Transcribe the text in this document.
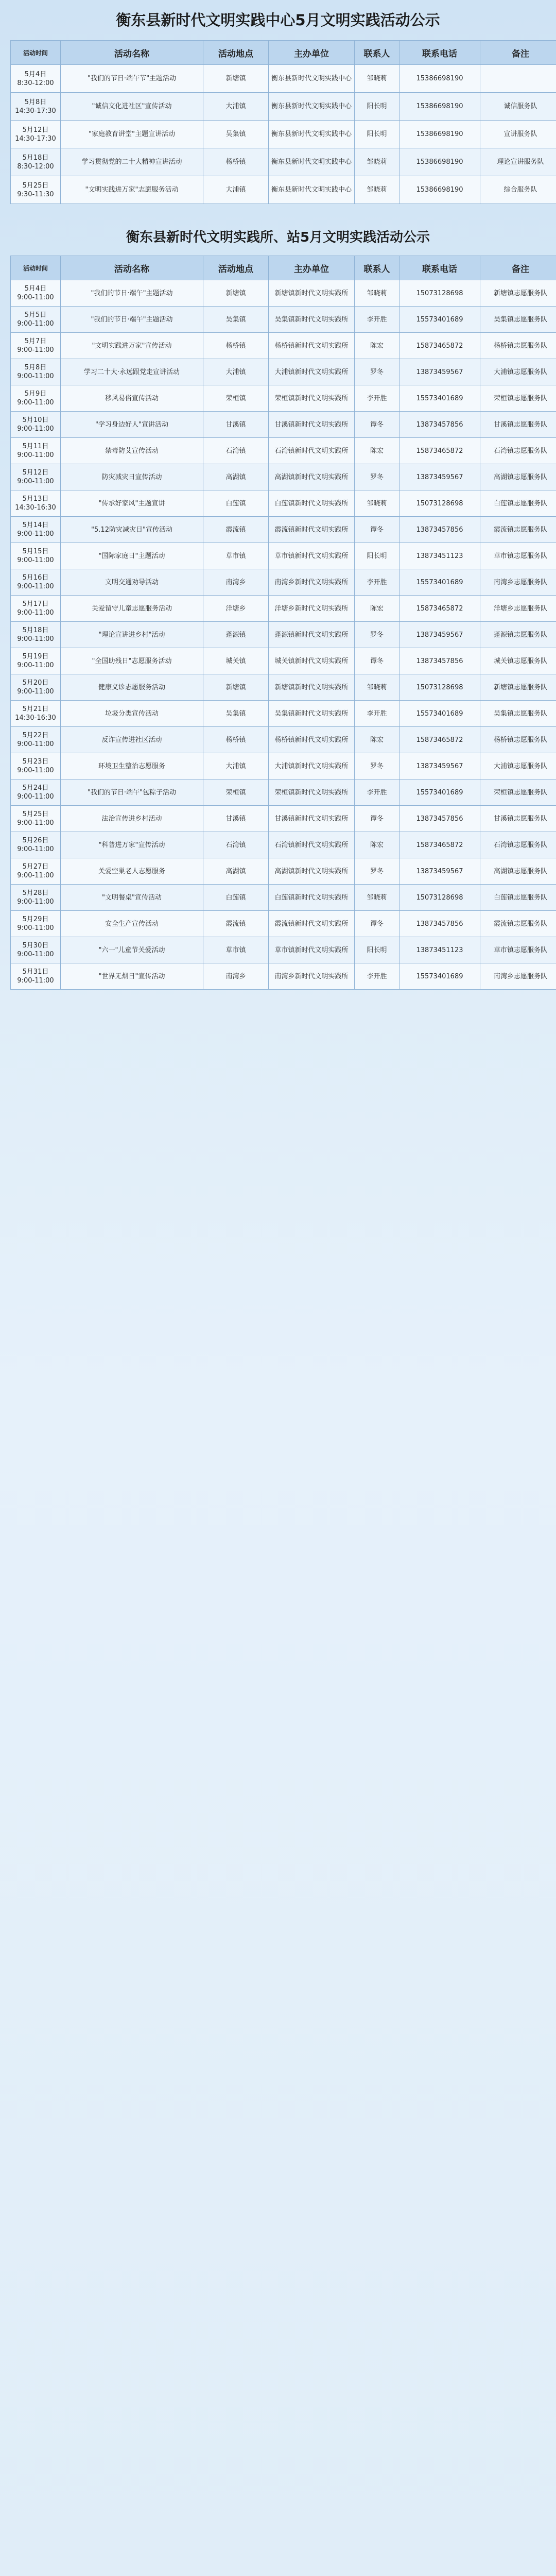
衡东县新时代文明实践中心5月文明实践活动公示
活动时间	活动名称	活动地点	主办单位	联系人	联系电话	备注
5月4日
8:30-12:00	"我们的节日·端午节"主题活动	新塘镇	衡东县新时代文明实践中心	邹晓莉	15386698190	
5月8日
14:30-17:30	"诚信文化进社区"宣传活动	大浦镇	衡东县新时代文明实践中心	阳长明	15386698190	诚信服务队
5月12日
14:30-17:30	"家庭教育讲堂"主题宣讲活动	吴集镇	衡东县新时代文明实践中心	阳长明	15386698190	宣讲服务队
5月18日
8:30-12:00	学习贯彻党的二十大精神宣讲活动	杨桥镇	衡东县新时代文明实践中心	邹晓莉	15386698190	理论宣讲服务队
5月25日
9:30-11:30	"文明实践进万家"志愿服务活动	大浦镇	衡东县新时代文明实践中心	邹晓莉	15386698190	综合服务队
衡东县新时代文明实践所、站5月文明实践活动公示
活动时间	活动名称	活动地点	主办单位	联系人	联系电话	备注
5月4日
9:00-11:00	"我们的节日·端午"主题活动	新塘镇	新塘镇新时代文明实践所	邹晓莉	15073128698	新塘镇志愿服务队
5月5日
9:00-11:00	"我们的节日·端午"主题活动	吴集镇	吴集镇新时代文明实践所	李开胜	15573401689	吴集镇志愿服务队
5月7日
9:00-11:00	"文明实践进万家"宣传活动	杨桥镇	杨桥镇新时代文明实践所	陈宏	15873465872	杨桥镇志愿服务队
5月8日
9:00-11:00	学习二十大·永远跟党走宣讲活动	大浦镇	大浦镇新时代文明实践所	罗冬	13873459567	大浦镇志愿服务队
5月9日
9:00-11:00	移风易俗宣传活动	荣桓镇	荣桓镇新时代文明实践所	李开胜	15573401689	荣桓镇志愿服务队
5月10日
9:00-11:00	"学习身边好人"宣讲活动	甘溪镇	甘溪镇新时代文明实践所	谭冬	13873457856	甘溪镇志愿服务队
5月11日
9:00-11:00	禁毒防艾宣传活动	石湾镇	石湾镇新时代文明实践所	陈宏	15873465872	石湾镇志愿服务队
5月12日
9:00-11:00	防灾减灾日宣传活动	高湖镇	高湖镇新时代文明实践所	罗冬	13873459567	高湖镇志愿服务队
5月13日
14:30-16:30	"传承好家风"主题宣讲	白莲镇	白莲镇新时代文明实践所	邹晓莉	15073128698	白莲镇志愿服务队
5月14日
9:00-11:00	"5.12防灾减灾日"宣传活动	霞流镇	霞流镇新时代文明实践所	谭冬	13873457856	霞流镇志愿服务队
5月15日
9:00-11:00	"国际家庭日"主题活动	草市镇	草市镇新时代文明实践所	阳长明	13873451123	草市镇志愿服务队
5月16日
9:00-11:00	文明交通劝导活动	南湾乡	南湾乡新时代文明实践所	李开胜	15573401689	南湾乡志愿服务队
5月17日
9:00-11:00	关爱留守儿童志愿服务活动	洋塘乡	洋塘乡新时代文明实践所	陈宏	15873465872	洋塘乡志愿服务队
5月18日
9:00-11:00	"理论宣讲进乡村"活动	蓬源镇	蓬源镇新时代文明实践所	罗冬	13873459567	蓬源镇志愿服务队
5月19日
9:00-11:00	"全国助残日"志愿服务活动	城关镇	城关镇新时代文明实践所	谭冬	13873457856	城关镇志愿服务队
5月20日
9:00-11:00	健康义诊志愿服务活动	新塘镇	新塘镇新时代文明实践所	邹晓莉	15073128698	新塘镇志愿服务队
5月21日
14:30-16:30	垃圾分类宣传活动	吴集镇	吴集镇新时代文明实践所	李开胜	15573401689	吴集镇志愿服务队
5月22日
9:00-11:00	反诈宣传进社区活动	杨桥镇	杨桥镇新时代文明实践所	陈宏	15873465872	杨桥镇志愿服务队
5月23日
9:00-11:00	环境卫生整治志愿服务	大浦镇	大浦镇新时代文明实践所	罗冬	13873459567	大浦镇志愿服务队
5月24日
9:00-11:00	"我们的节日·端午"包粽子活动	荣桓镇	荣桓镇新时代文明实践所	李开胜	15573401689	荣桓镇志愿服务队
5月25日
9:00-11:00	法治宣传进乡村活动	甘溪镇	甘溪镇新时代文明实践所	谭冬	13873457856	甘溪镇志愿服务队
5月26日
9:00-11:00	"科普进万家"宣传活动	石湾镇	石湾镇新时代文明实践所	陈宏	15873465872	石湾镇志愿服务队
5月27日
9:00-11:00	关爱空巢老人志愿服务	高湖镇	高湖镇新时代文明实践所	罗冬	13873459567	高湖镇志愿服务队
5月28日
9:00-11:00	"文明餐桌"宣传活动	白莲镇	白莲镇新时代文明实践所	邹晓莉	15073128698	白莲镇志愿服务队
5月29日
9:00-11:00	安全生产宣传活动	霞流镇	霞流镇新时代文明实践所	谭冬	13873457856	霞流镇志愿服务队
5月30日
9:00-11:00	"六一"儿童节关爱活动	草市镇	草市镇新时代文明实践所	阳长明	13873451123	草市镇志愿服务队
5月31日
9:00-11:00	"世界无烟日"宣传活动	南湾乡	南湾乡新时代文明实践所	李开胜	15573401689	南湾乡志愿服务队
